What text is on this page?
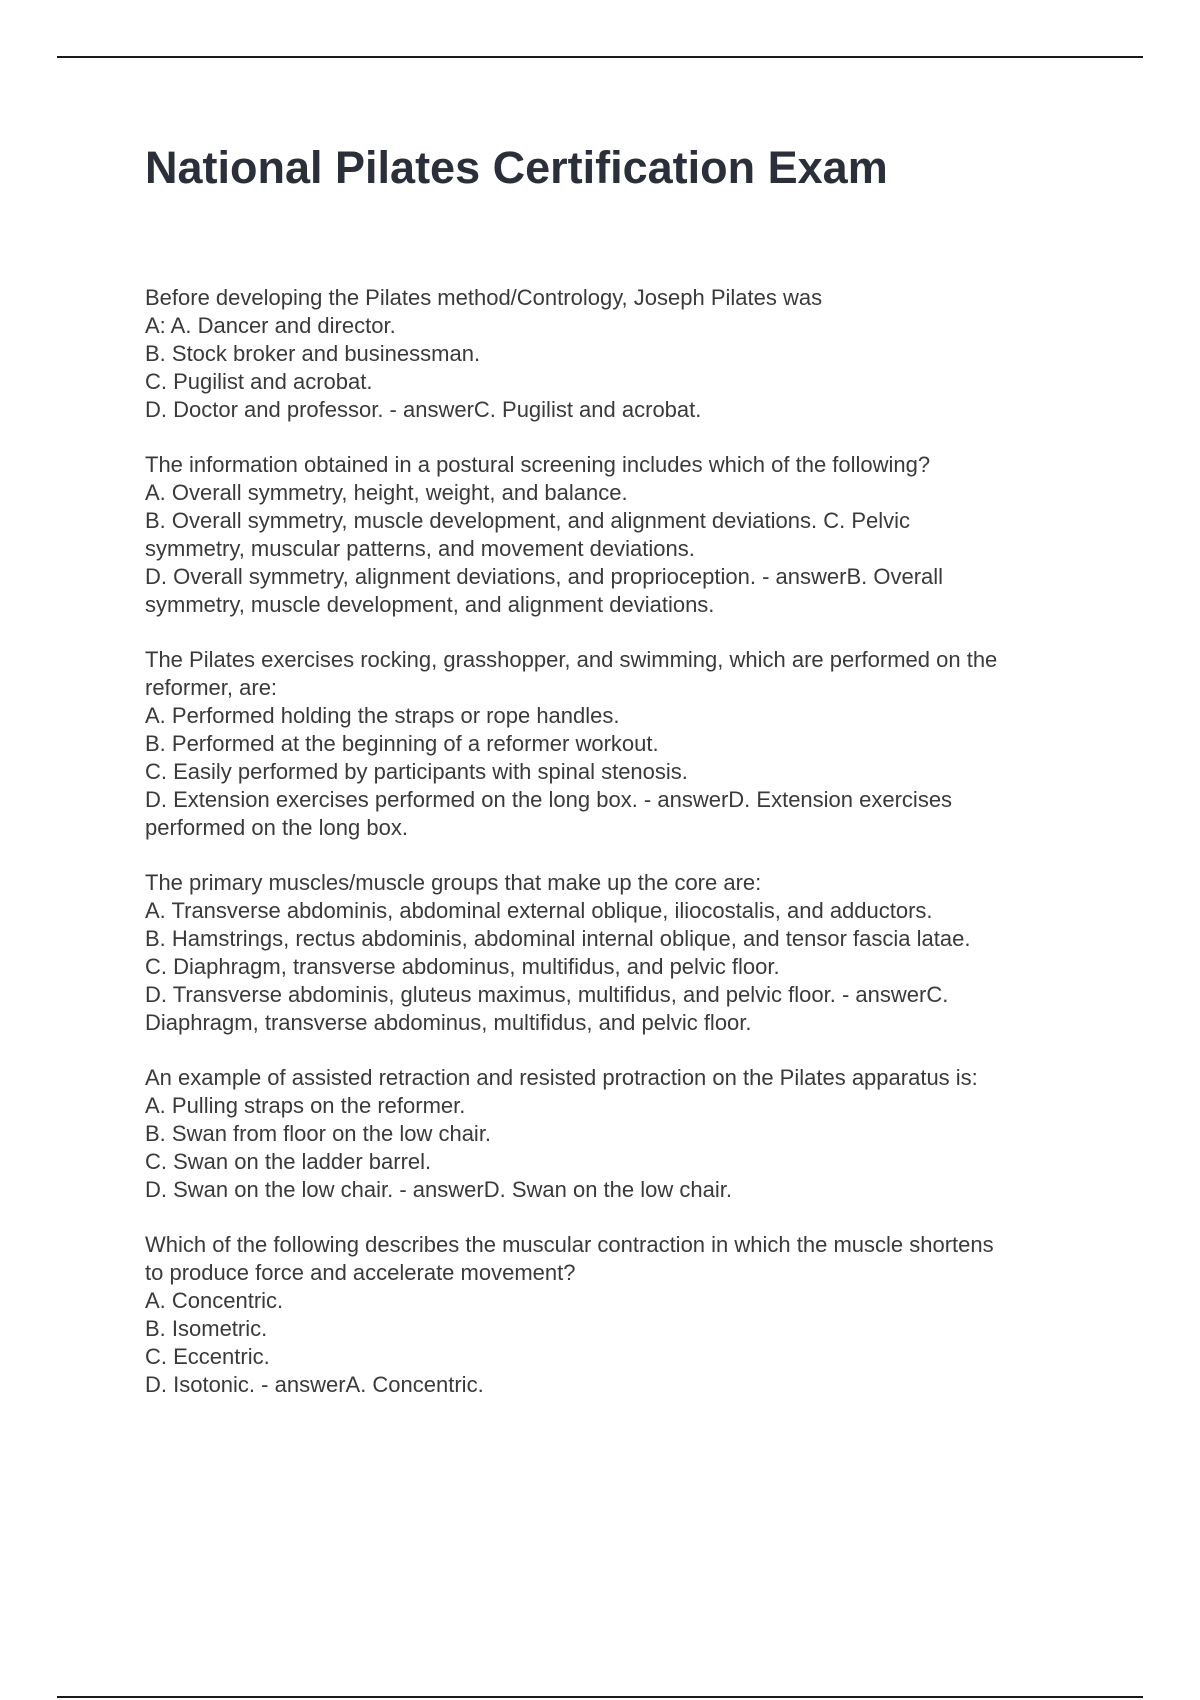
National Pilates Certification Exam
Before developing the Pilates method/Contrology, Joseph Pilates was
A: A. Dancer and director.
B. Stock broker and businessman.
C. Pugilist and acrobat.
D. Doctor and professor. - answerC. Pugilist and acrobat.
The information obtained in a postural screening includes which of the following?
A. Overall symmetry, height, weight, and balance.
B. Overall symmetry, muscle development, and alignment deviations. C. Pelvic
symmetry, muscular patterns, and movement deviations.
D. Overall symmetry, alignment deviations, and proprioception. - answerB. Overall
symmetry, muscle development, and alignment deviations.
The Pilates exercises rocking, grasshopper, and swimming, which are performed on the
reformer, are:
A. Performed holding the straps or rope handles.
B. Performed at the beginning of a reformer workout.
C. Easily performed by participants with spinal stenosis.
D. Extension exercises performed on the long box. - answerD. Extension exercises
performed on the long box.
The primary muscles/muscle groups that make up the core are:
A. Transverse abdominis, abdominal external oblique, iliocostalis, and adductors.
B. Hamstrings, rectus abdominis, abdominal internal oblique, and tensor fascia latae.
C. Diaphragm, transverse abdominus, multifidus, and pelvic floor.
D. Transverse abdominis, gluteus maximus, multifidus, and pelvic floor. - answerC.
Diaphragm, transverse abdominus, multifidus, and pelvic floor.
An example of assisted retraction and resisted protraction on the Pilates apparatus is:
A. Pulling straps on the reformer.
B. Swan from floor on the low chair.
C. Swan on the ladder barrel.
D. Swan on the low chair. - answerD. Swan on the low chair.
Which of the following describes the muscular contraction in which the muscle shortens
to produce force and accelerate movement?
A. Concentric.
B. Isometric.
C. Eccentric.
D. Isotonic. - answerA. Concentric.
